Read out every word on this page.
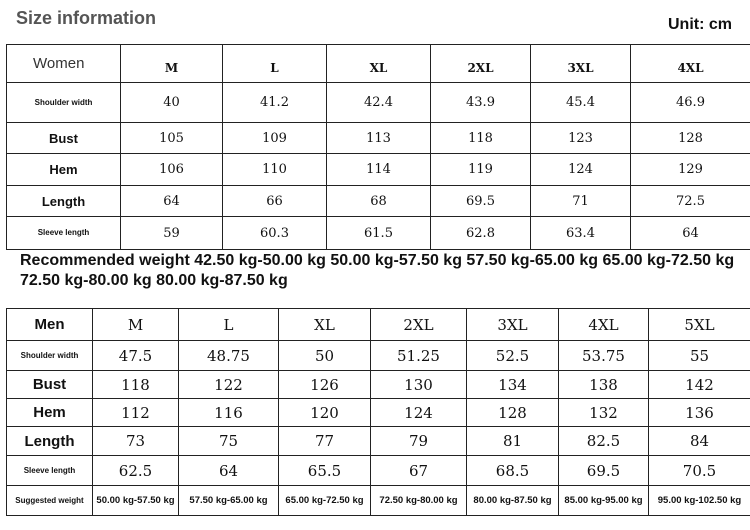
Size information	Unit: cm
Women	M	L	XL	2XL	3XL	4XL
Shoulder width	40	41.2	42.4	43.9	45.4	46.9
Bust	105	109	113	118	123	128
Hem	106	110	114	119	124	129
Length	64	66	68	69.5	71	72.5
Sleeve length	59	60.3	61.5	62.8	63.4	64
Recommended weight 42.50 kg-50.00 kg 50.00 kg-57.50 kg 57.50 kg-65.00 kg 65.00 kg-72.50 kg 72.50 kg-80.00 kg 80.00 kg-87.50 kg
Men	M	L	XL	2XL	3XL	4XL	5XL
Shoulder width	47.5	48.75	50	51.25	52.5	53.75	55
Bust	118	122	126	130	134	138	142
Hem	112	116	120	124	128	132	136
Length	73	75	77	79	81	82.5	84
Sleeve length	62.5	64	65.5	67	68.5	69.5	70.5
Suggested weight	50.00 kg-57.50 kg	57.50 kg-65.00 kg	65.00 kg-72.50 kg	72.50 kg-80.00 kg	80.00 kg-87.50 kg	85.00 kg-95.00 kg	95.00 kg-102.50 kg
